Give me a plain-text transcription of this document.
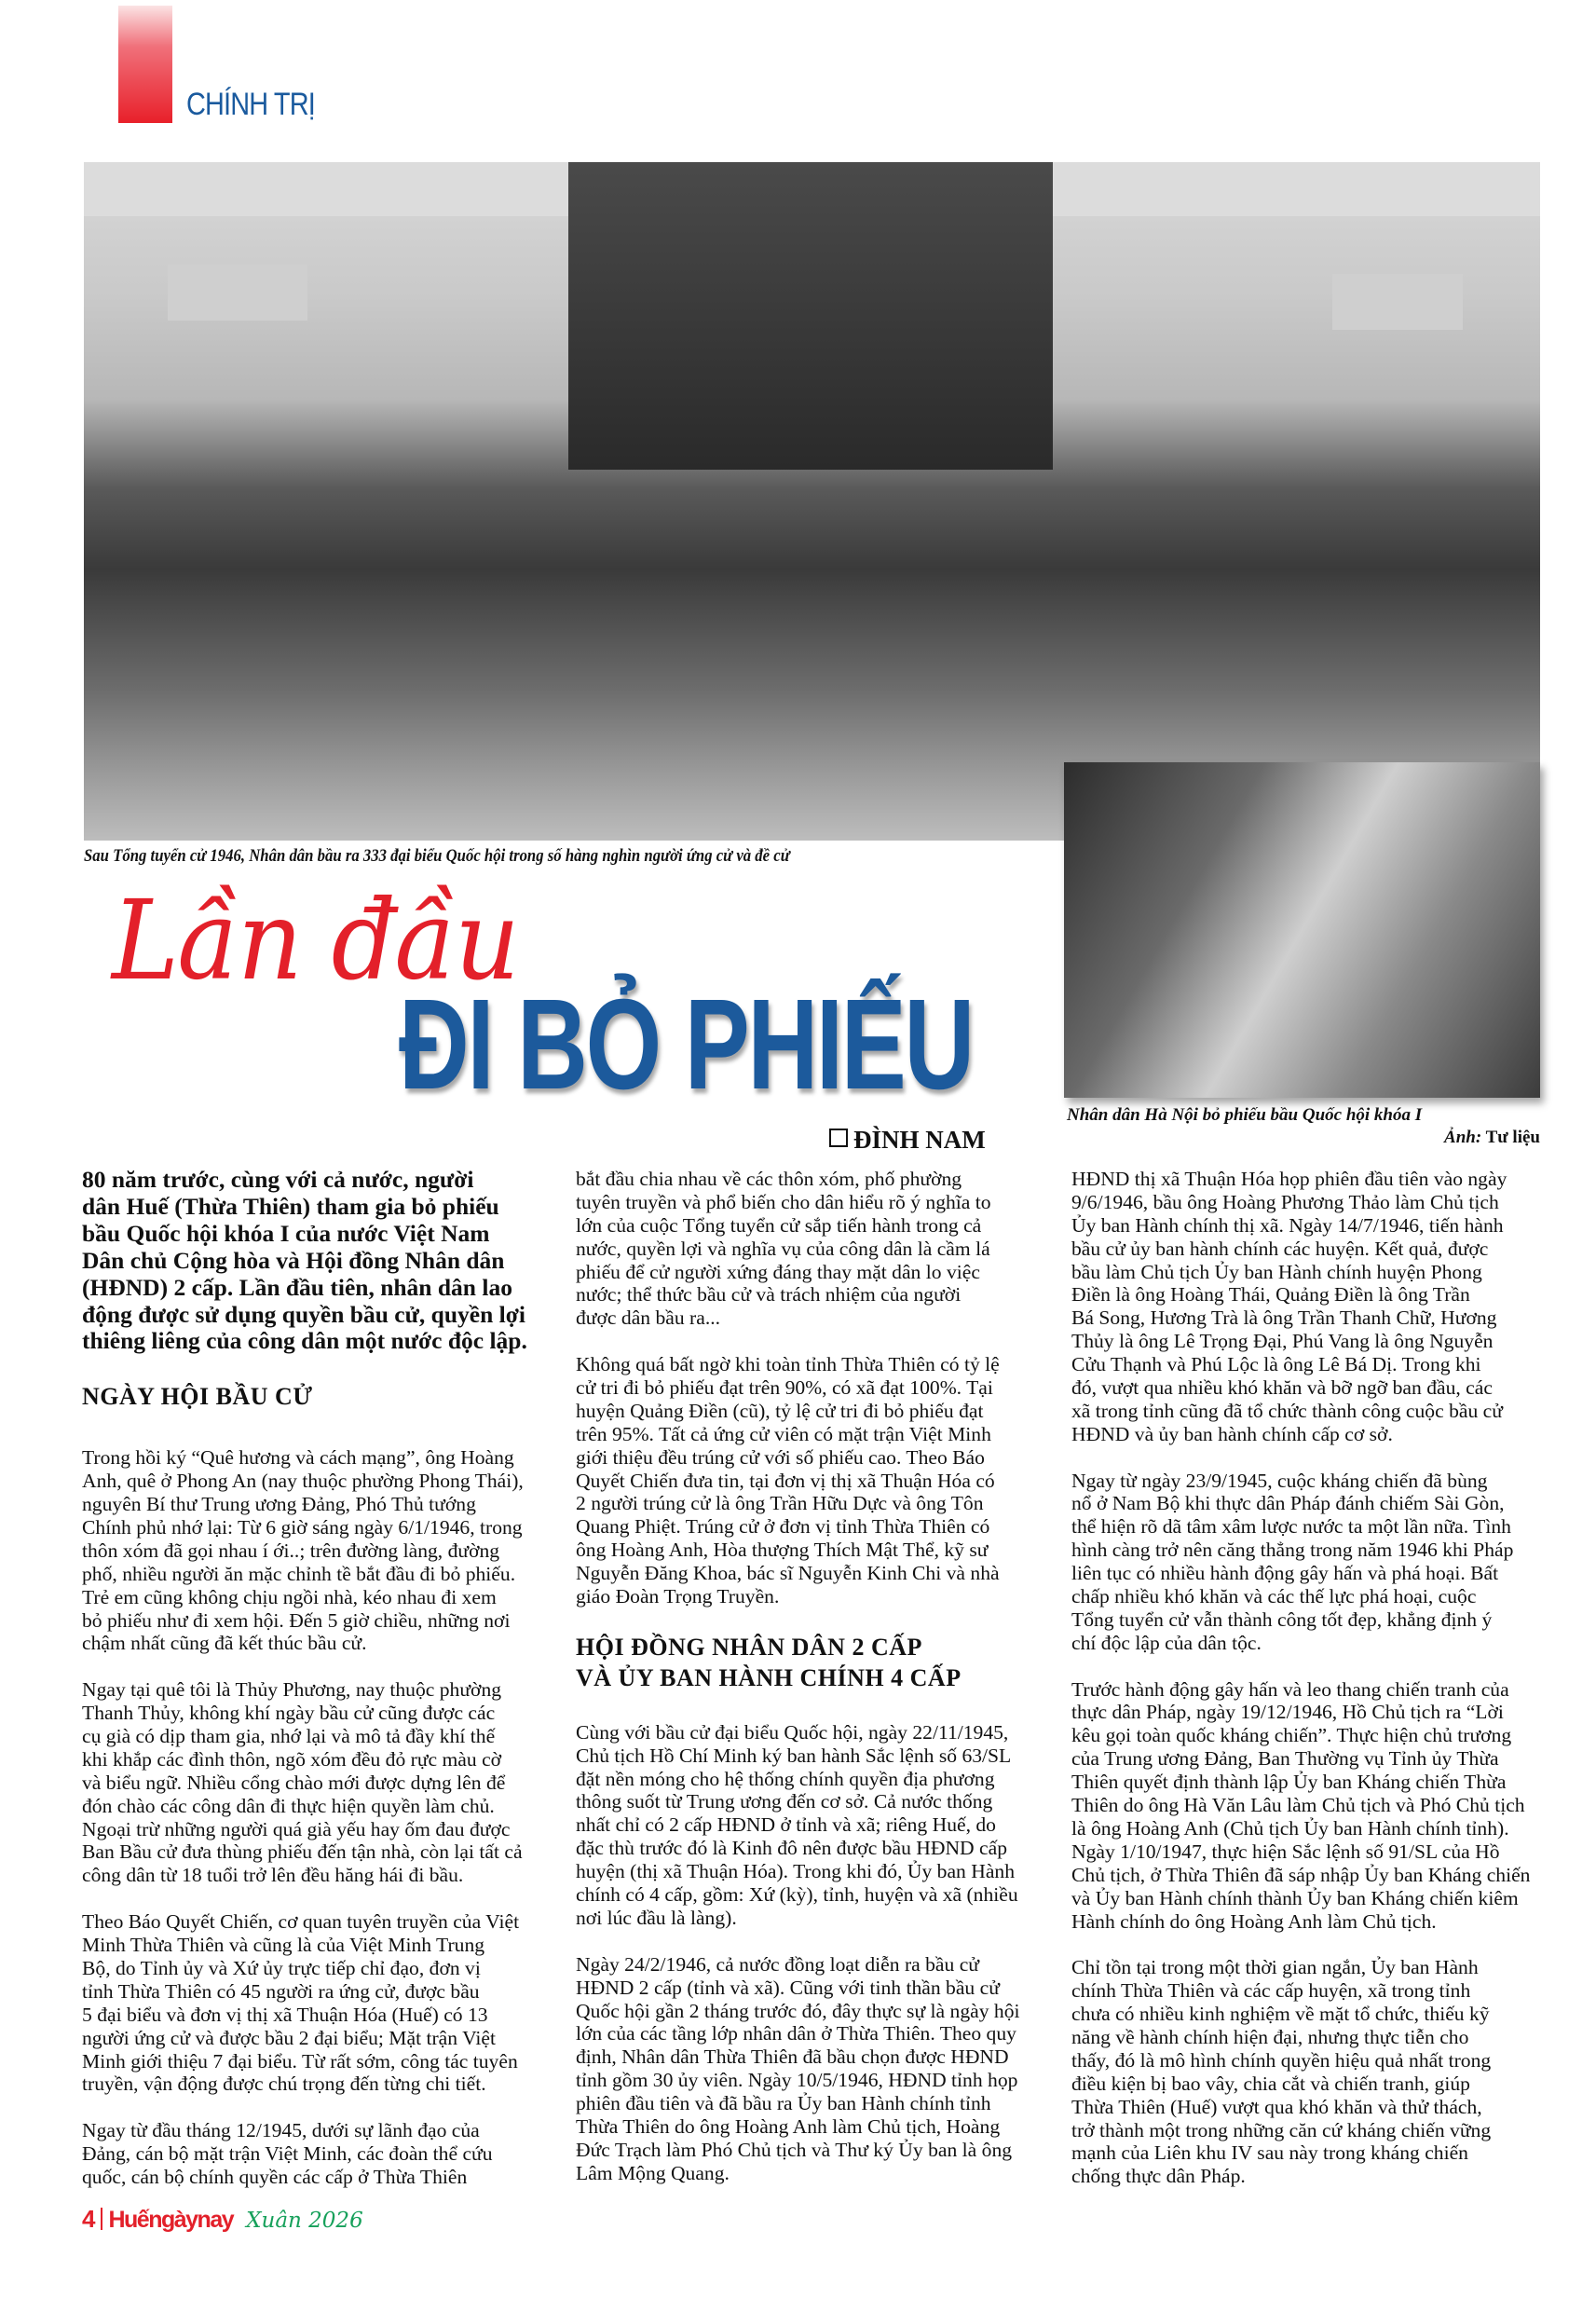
CHÍNH TRỊ
Sau Tổng tuyển cử 1946, Nhân dân bầu ra 333 đại biểu Quốc hội trong số hàng nghìn người ứng cử và đề cử
Nhân dân Hà Nội bỏ phiếu bầu Quốc hội khóa I
Ảnh: Tư liệu
Lần đầu
ĐI BỎ PHIẾU
ĐÌNH NAM
80 năm trước, cùng với cả nước, người
dân Huế (Thừa Thiên) tham gia bỏ phiếu
bầu Quốc hội khóa I của nước Việt Nam
Dân chủ Cộng hòa và Hội đồng Nhân dân
(HĐND) 2 cấp. Lần đầu tiên, nhân dân lao
động được sử dụng quyền bầu cử, quyền lợi
thiêng liêng của công dân một nước độc lập.
NGÀY HỘI BẦU CỬ
Trong hồi ký “Quê hương và cách mạng”, ông Hoàng
Anh, quê ở Phong An (nay thuộc phường Phong Thái),
nguyên Bí thư Trung ương Đảng, Phó Thủ tướng
Chính phủ nhớ lại: Từ 6 giờ sáng ngày 6/1/1946, trong
thôn xóm đã gọi nhau í ới..; trên đường làng, đường
phố, nhiều người ăn mặc chỉnh tề bắt đầu đi bỏ phiếu.
Trẻ em cũng không chịu ngồi nhà, kéo nhau đi xem
bỏ phiếu như đi xem hội. Đến 5 giờ chiều, những nơi
chậm nhất cũng đã kết thúc bầu cử.
Ngay tại quê tôi là Thủy Phương, nay thuộc phường
Thanh Thủy, không khí ngày bầu cử cũng được các
cụ già có dịp tham gia, nhớ lại và mô tả đầy khí thế
khi khắp các đình thôn, ngõ xóm đều đỏ rực màu cờ
và biểu ngữ. Nhiều cổng chào mới được dựng lên để
đón chào các công dân đi thực hiện quyền làm chủ.
Ngoại trừ những người quá già yếu hay ốm đau được
Ban Bầu cử đưa thùng phiếu đến tận nhà, còn lại tất cả
công dân từ 18 tuổi trở lên đều hăng hái đi bầu.
Theo Báo Quyết Chiến, cơ quan tuyên truyền của Việt
Minh Thừa Thiên và cũng là của Việt Minh Trung
Bộ, do Tỉnh ủy và Xứ ủy trực tiếp chỉ đạo, đơn vị
tỉnh Thừa Thiên có 45 người ra ứng cử, được bầu
5 đại biểu và đơn vị thị xã Thuận Hóa (Huế) có 13
người ứng cử và được bầu 2 đại biểu; Mặt trận Việt
Minh giới thiệu 7 đại biểu. Từ rất sớm, công tác tuyên
truyền, vận động được chú trọng đến từng chi tiết.
Ngay từ đầu tháng 12/1945, dưới sự lãnh đạo của
Đảng, cán bộ mặt trận Việt Minh, các đoàn thể cứu
quốc, cán bộ chính quyền các cấp ở Thừa Thiên
bắt đầu chia nhau về các thôn xóm, phố phường
tuyên truyền và phổ biến cho dân hiểu rõ ý nghĩa to
lớn của cuộc Tổng tuyển cử sắp tiến hành trong cả
nước, quyền lợi và nghĩa vụ của công dân là cầm lá
phiếu để cử người xứng đáng thay mặt dân lo việc
nước; thể thức bầu cử và trách nhiệm của người
được dân bầu ra...
Không quá bất ngờ khi toàn tỉnh Thừa Thiên có tỷ lệ
cử tri đi bỏ phiếu đạt trên 90%, có xã đạt 100%. Tại
huyện Quảng Điền (cũ), tỷ lệ cử tri đi bỏ phiếu đạt
trên 95%. Tất cả ứng cử viên có mặt trận Việt Minh
giới thiệu đều trúng cử với số phiếu cao. Theo Báo
Quyết Chiến đưa tin, tại đơn vị thị xã Thuận Hóa có
2 người trúng cử là ông Trần Hữu Dực và ông Tôn
Quang Phiệt. Trúng cử ở đơn vị tỉnh Thừa Thiên có
ông Hoàng Anh, Hòa thượng Thích Mật Thể, kỹ sư
Nguyễn Đăng Khoa, bác sĩ Nguyễn Kinh Chi và nhà
giáo Đoàn Trọng Truyền.
HỘI ĐỒNG NHÂN DÂN 2 CẤP
VÀ ỦY BAN HÀNH CHÍNH 4 CẤP
Cùng với bầu cử đại biểu Quốc hội, ngày 22/11/1945,
Chủ tịch Hồ Chí Minh ký ban hành Sắc lệnh số 63/SL
đặt nền móng cho hệ thống chính quyền địa phương
thông suốt từ Trung ương đến cơ sở. Cả nước thống
nhất chỉ có 2 cấp HĐND ở tỉnh và xã; riêng Huế, do
đặc thù trước đó là Kinh đô nên được bầu HĐND cấp
huyện (thị xã Thuận Hóa). Trong khi đó, Ủy ban Hành
chính có 4 cấp, gồm: Xứ (kỳ), tỉnh, huyện và xã (nhiều
nơi lúc đầu là làng).
Ngày 24/2/1946, cả nước đồng loạt diễn ra bầu cử
HĐND 2 cấp (tỉnh và xã). Cũng với tinh thần bầu cử
Quốc hội gần 2 tháng trước đó, đây thực sự là ngày hội
lớn của các tầng lớp nhân dân ở Thừa Thiên. Theo quy
định, Nhân dân Thừa Thiên đã bầu chọn được HĐND
tỉnh gồm 30 ủy viên. Ngày 10/5/1946, HĐND tỉnh họp
phiên đầu tiên và đã bầu ra Ủy ban Hành chính tỉnh
Thừa Thiên do ông Hoàng Anh làm Chủ tịch, Hoàng
Đức Trạch làm Phó Chủ tịch và Thư ký Ủy ban là ông
Lâm Mộng Quang.
HĐND thị xã Thuận Hóa họp phiên đầu tiên vào ngày
9/6/1946, bầu ông Hoàng Phương Thảo làm Chủ tịch
Ủy ban Hành chính thị xã. Ngày 14/7/1946, tiến hành
bầu cử ủy ban hành chính các huyện. Kết quả, được
bầu làm Chủ tịch Ủy ban Hành chính huyện Phong
Điền là ông Hoàng Thái, Quảng Điền là ông Trần
Bá Song, Hương Trà là ông Trần Thanh Chữ, Hương
Thủy là ông Lê Trọng Đại, Phú Vang là ông Nguyễn
Cửu Thạnh và Phú Lộc là ông Lê Bá Dị. Trong khi
đó, vượt qua nhiều khó khăn và bỡ ngỡ ban đầu, các
xã trong tỉnh cũng đã tổ chức thành công cuộc bầu cử
HĐND và ủy ban hành chính cấp cơ sở.
Ngay từ ngày 23/9/1945, cuộc kháng chiến đã bùng
nổ ở Nam Bộ khi thực dân Pháp đánh chiếm Sài Gòn,
thể hiện rõ dã tâm xâm lược nước ta một lần nữa. Tình
hình càng trở nên căng thẳng trong năm 1946 khi Pháp
liên tục có nhiều hành động gây hấn và phá hoại. Bất
chấp nhiều khó khăn và các thế lực phá hoại, cuộc
Tổng tuyển cử vẫn thành công tốt đẹp, khẳng định ý
chí độc lập của dân tộc.
Trước hành động gây hấn và leo thang chiến tranh của
thực dân Pháp, ngày 19/12/1946, Hồ Chủ tịch ra “Lời
kêu gọi toàn quốc kháng chiến”. Thực hiện chủ trương
của Trung ương Đảng, Ban Thường vụ Tỉnh ủy Thừa
Thiên quyết định thành lập Ủy ban Kháng chiến Thừa
Thiên do ông Hà Văn Lâu làm Chủ tịch và Phó Chủ tịch
là ông Hoàng Anh (Chủ tịch Ủy ban Hành chính tỉnh).
Ngày 1/10/1947, thực hiện Sắc lệnh số 91/SL của Hồ
Chủ tịch, ở Thừa Thiên đã sáp nhập Ủy ban Kháng chiến
và Ủy ban Hành chính thành Ủy ban Kháng chiến kiêm
Hành chính do ông Hoàng Anh làm Chủ tịch.
Chỉ tồn tại trong một thời gian ngắn, Ủy ban Hành
chính Thừa Thiên và các cấp huyện, xã trong tỉnh
chưa có nhiều kinh nghiệm về mặt tổ chức, thiếu kỹ
năng về hành chính hiện đại, nhưng thực tiễn cho
thấy, đó là mô hình chính quyền hiệu quả nhất trong
điều kiện bị bao vây, chia cắt và chiến tranh, giúp
Thừa Thiên (Huế) vượt qua khó khăn và thử thách,
trở thành một trong những căn cứ kháng chiến vững
mạnh của Liên khu IV sau này trong kháng chiến
chống thực dân Pháp.
4 Huếngàynay Xuân 2026
